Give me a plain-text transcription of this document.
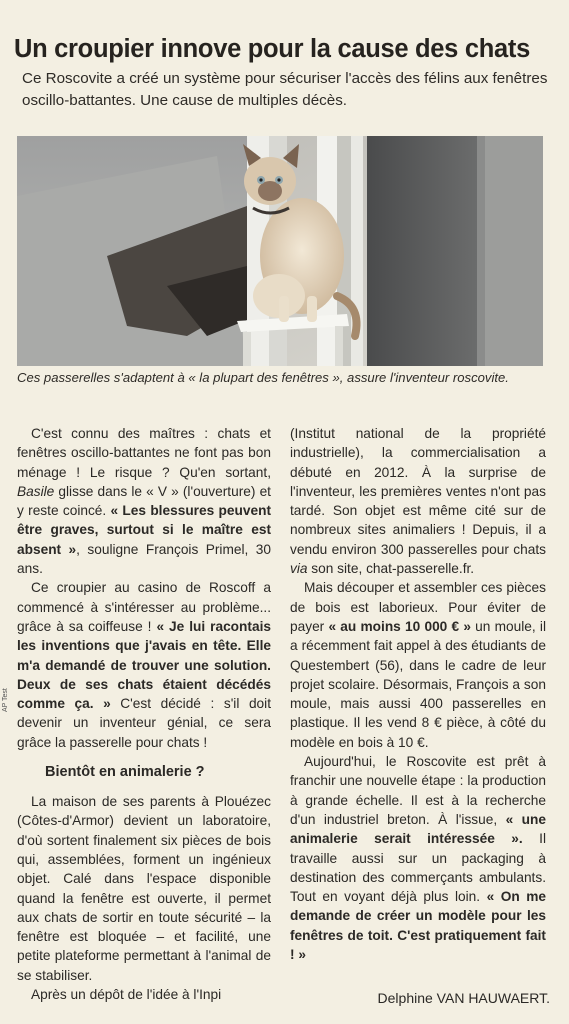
Un croupier innove pour la cause des chats
Ce Roscovite a créé un système pour sécuriser l'accès des félins aux fenêtres oscillo-battantes. Une cause de multiples décès.
Ces passerelles s'adaptent à « la plupart des fenêtres », assure l'inventeur roscovite.
AP Test

C'est connu des maîtres : chats et fenêtres oscillo-battantes ne font pas bon ménage ! Le risque ? Qu'en sortant, Basile glisse dans le « V » (l'ouverture) et y reste coincé. « Les blessures peuvent être graves, surtout si le maître est absent », souligne François Primel, 30 ans.

Ce croupier au casino de Roscoff a commencé à s'intéresser au problème... grâce à sa coiffeuse ! « Je lui racontais les inventions que j'avais en tête. Elle m'a demandé de trouver une solution. Deux de ses chats étaient décédés comme ça. » C'est décidé : s'il doit devenir un inventeur génial, ce sera grâce la passerelle pour chats !

Bientôt en animalerie ?

La maison de ses parents à Plouézec (Côtes-d'Armor) devient un laboratoire, d'où sortent finalement six pièces de bois qui, assemblées, forment un ingénieux objet. Calé dans l'espace disponible quand la fenêtre est ouverte, il permet aux chats de sortir en toute sécurité – la fenêtre est bloquée – et facilité, une petite plateforme permettant à l'animal de se stabiliser.

Après un dépôt de l'idée à l'Inpi

(Institut national de la propriété industrielle), la commercialisation a débuté en 2012. À la surprise de l'inventeur, les premières ventes n'ont pas tardé. Son objet est même cité sur de nombreux sites animaliers ! Depuis, il a vendu environ 300 passerelles pour chats via son site, chat-passerelle.fr.

Mais découper et assembler ces pièces de bois est laborieux. Pour éviter de payer « au moins 10 000 € » un moule, il a récemment fait appel à des étudiants de Questembert (56), dans le cadre de leur projet scolaire. Désormais, François a son moule, mais aussi 400 passerelles en plastique. Il les vend 8 € pièce, à côté du modèle en bois à 10 €.

Aujourd'hui, le Roscovite est prêt à franchir une nouvelle étape : la production à grande échelle. Il est à la recherche d'un industriel breton. À l'issue, « une animalerie serait intéressée ». Il travaille aussi sur un packaging à destination des commerçants ambulants. Tout en voyant déjà plus loin. « On me demande de créer un modèle pour les fenêtres de toit. C'est pratiquement fait ! »

Delphine VAN HAUWAERT.
